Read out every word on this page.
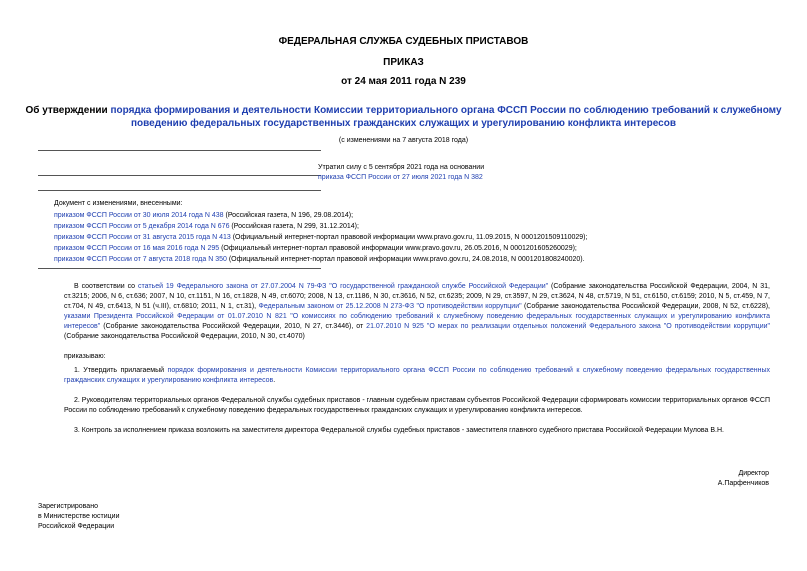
ФЕДЕРАЛЬНАЯ СЛУЖБА СУДЕБНЫХ ПРИСТАВОВ
ПРИКАЗ
от 24 мая 2011 года N 239
Об утверждении порядка формирования и деятельности Комиссии территориального органа ФССП России по соблюдению требований к служебному поведению федеральных государственных гражданских служащих и урегулированию конфликта интересов
(с изменениями на 7 августа 2018 года)
Утратил силу с 5 сентября 2021 года на основании
приказа ФССП России от 27 июля 2021 года N 382
Документ с изменениями, внесенными:
приказом ФССП России от 30 июля 2014 года N 438 (Российская газета, N 196, 29.08.2014);
приказом ФССП России от 5 декабря 2014 года N 676 (Российская газета, N 299, 31.12.2014);
приказом ФССП России от 31 августа 2015 года N 413 (Официальный интернет-портал правовой информации www.pravo.gov.ru, 11.09.2015, N 0001201509110029);
приказом ФССП России от 16 мая 2016 года N 295 (Официальный интернет-портал правовой информации www.pravo.gov.ru, 26.05.2016, N 0001201605260029);
приказом ФССП России от 7 августа 2018 года N 350 (Официальный интернет-портал правовой информации www.pravo.gov.ru, 24.08.2018, N 0001201808240020).
В соответствии со статьей 19 Федерального закона от 27.07.2004 N 79-ФЗ "О государственной гражданской службе Российской Федерации" (Собрание законодательства Российской Федерации, 2004, N 31, ст.3215; 2006, N 6, ст.636; 2007, N 10, ст.1151, N 16, ст.1828, N 49, ст.6070; 2008, N 13, ст.1186, N 30, ст.3616, N 52, ст.6235; 2009, N 29, ст.3597, N 29, ст.3624, N 48, ст.5719, N 51, ст.6150, ст.6159; 2010, N 5, ст.459, N 7, ст.704, N 49, ст.6413, N 51 (ч.III), ст.6810; 2011, N 1, ст.31), Федеральным законом от 25.12.2008 N 273-ФЗ "О противодействии коррупции" (Собрание законодательства Российской Федерации, 2008, N 52, ст.6228), указами Президента Российской Федерации от 01.07.2010 N 821 "О комиссиях по соблюдению требований к служебному поведению федеральных государственных служащих и урегулированию конфликта интересов" (Собрание законодательства Российской Федерации, 2010, N 27, ст.3446), от 21.07.2010 N 925 "О мерах по реализации отдельных положений Федерального закона "О противодействии коррупции" (Собрание законодательства Российской Федерации, 2010, N 30, ст.4070)
приказываю:
1. Утвердить прилагаемый порядок формирования и деятельности Комиссии территориального органа ФССП России по соблюдению требований к служебному поведению федеральных государственных гражданских служащих и урегулированию конфликта интересов.
2. Руководителям территориальных органов Федеральной службы судебных приставов - главным судебным приставам субъектов Российской Федерации сформировать комиссии территориальных органов ФССП России по соблюдению требований к служебному поведению федеральных государственных гражданских служащих и урегулированию конфликта интересов.
3. Контроль за исполнением приказа возложить на заместителя директора Федеральной службы судебных приставов - заместителя главного судебного пристава Российской Федерации Мулова В.Н.
Директор
А.Парфенчиков
Зарегистрировано
в Министерстве юстиции
Российской Федерации
